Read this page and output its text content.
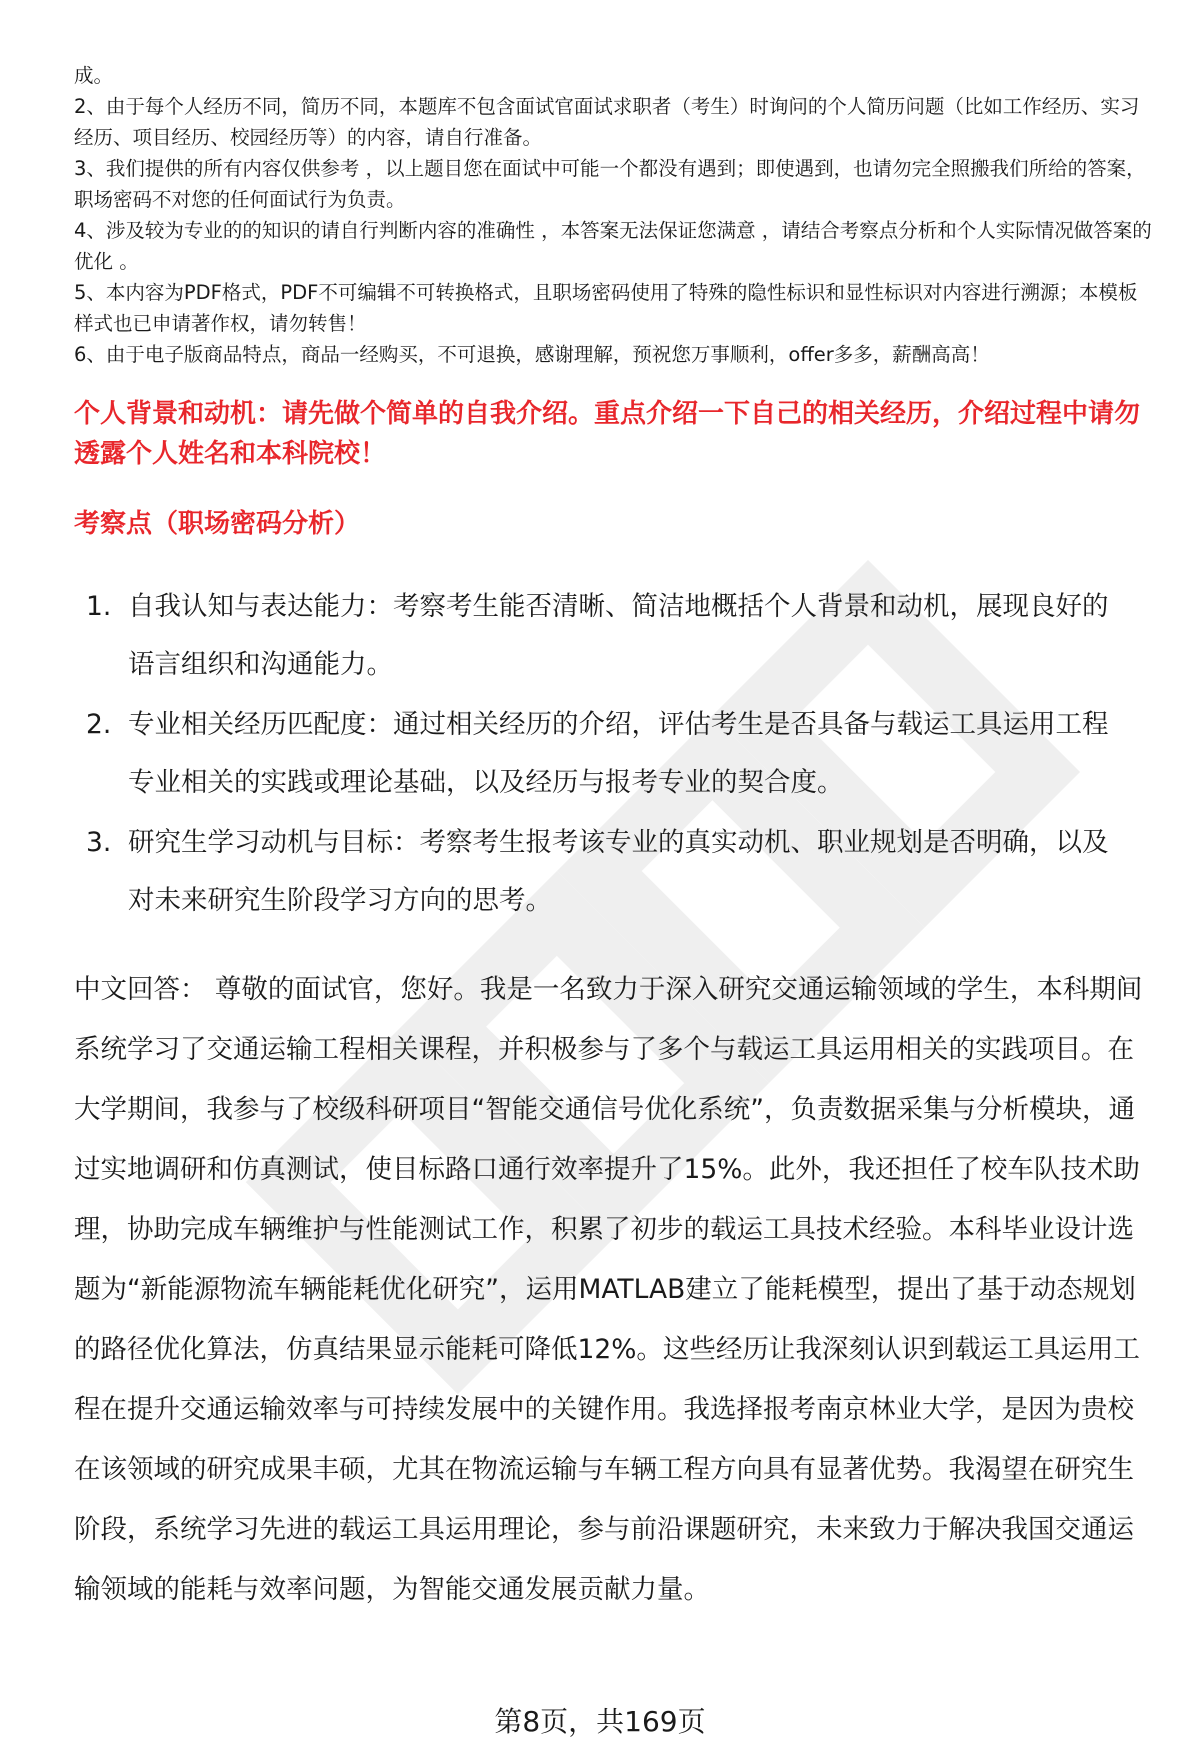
成。

2、由于每个人经历不同，简历不同，本题库不包含面试官面试求职者（考生）时询问的个人简历问题（比如工作经历、实习经历、项目经历、校园经历等）的内容，请自行准备。

3、我们提供的所有内容仅供参考 ，以上题目您在面试中可能一个都没有遇到；即使遇到，也请勿完全照搬我们所给的答案，职场密码不对您的任何面试行为负责。

4、涉及较为专业的的知识的请自行判断内容的准确性 ，本答案无法保证您满意 ，请结合考察点分析和个人实际情况做答案的优化 。

5、本内容为PDF格式，PDF不可编辑不可转换格式，且职场密码使用了特殊的隐性标识和显性标识对内容进行溯源；本模板样式也已申请著作权，请勿转售！

6、由于电子版商品特点，商品一经购买，不可退换，感谢理解，预祝您万事顺利，offer多多，薪酬高高！

个人背景和动机：请先做个简单的自我介绍。重点介绍一下自己的相关经历，介绍过程中请勿透露个人姓名和本科院校！
考察点（职场密码分析）
1. 自我认知与表达能力：考察考生能否清晰、简洁地概括个人背景和动机，展现良好的语言组织和沟通能力。
2. 专业相关经历匹配度：通过相关经历的介绍，评估考生是否具备与载运工具运用工程专业相关的实践或理论基础，以及经历与报考专业的契合度。
3. 研究生学习动机与目标：考察考生报考该专业的真实动机、职业规划是否明确，以及对未来研究生阶段学习方向的思考。

中文回答： 尊敬的面试官，您好。我是一名致力于深入研究交通运输领域的学生，本科期间系统学习了交通运输工程相关课程，并积极参与了多个与载运工具运用相关的实践项目。在大学期间，我参与了校级科研项目“智能交通信号优化系统”，负责数据采集与分析模块，通过实地调研和仿真测试，使目标路口通行效率提升了15%。此外，我还担任了校车队技术助理，协助完成车辆维护与性能测试工作，积累了初步的载运工具技术经验。本科毕业设计选题为“新能源物流车辆能耗优化研究”，运用MATLAB建立了能耗模型，提出了基于动态规划的路径优化算法，仿真结果显示能耗可降低12%。这些经历让我深刻认识到载运工具运用工程在提升交通运输效率与可持续发展中的关键作用。我选择报考南京林业大学，是因为贵校在该领域的研究成果丰硕，尤其在物流运输与车辆工程方向具有显著优势。我渴望在研究生阶段，系统学习先进的载运工具运用理论，参与前沿课题研究，未来致力于解决我国交通运输领域的能耗与效率问题，为智能交通发展贡献力量。

第8页，共169页
